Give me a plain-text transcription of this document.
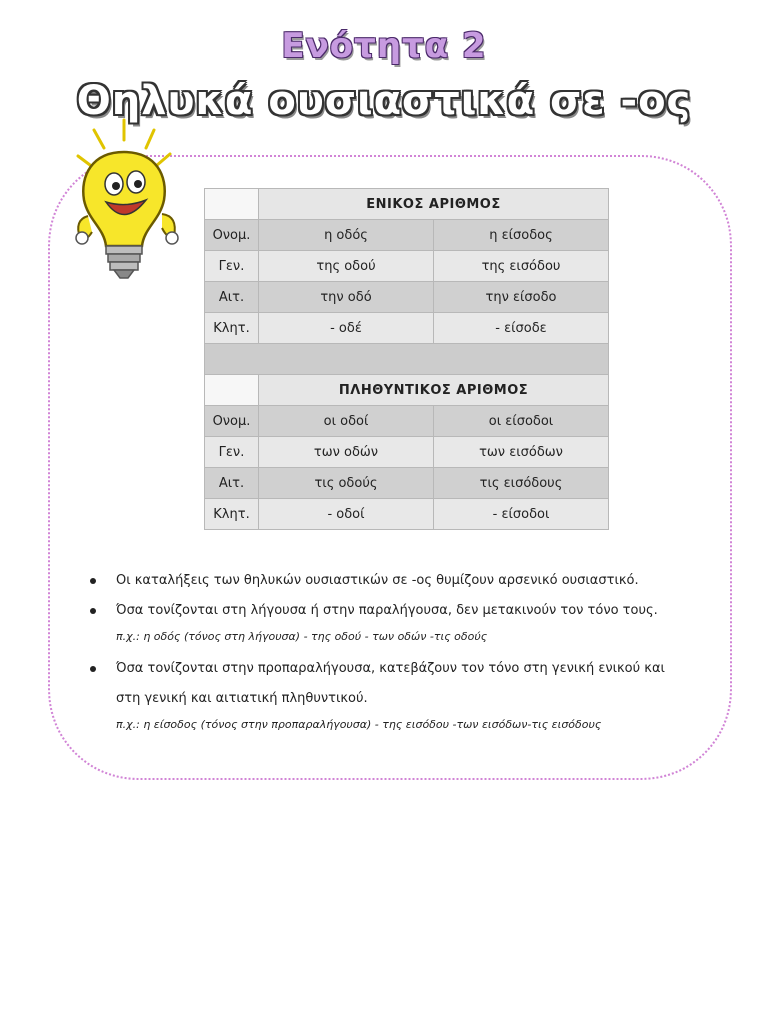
Ενότητα 2
Θηλυκά ουσιαστικά σε -ος
	ΕΝΙΚΟΣ ΑΡΙΘΜΟΣ	
Ονομ.	η οδός	η είσοδος
Γεν.	της οδού	της εισόδου
Αιτ.	την οδό	την είσοδο
Κλητ.	- οδέ	- είσοδε

	ΠΛΗΘΥΝΤΙΚΟΣ ΑΡΙΘΜΟΣ	
Ονομ.	οι οδοί	οι είσοδοι
Γεν.	των οδών	των εισόδων
Αιτ.	τις οδούς	τις εισόδους
Κλητ.	- οδοί	- είσοδοι
Οι καταλήξεις των θηλυκών ουσιαστικών σε -ος θυμίζουν αρσενικό ουσιαστικό.
Όσα τονίζονται στη λήγουσα ή στην παραλήγουσα, δεν μετακινούν τον τόνο τους.
π.χ.: η οδός (τόνος στη λήγουσα) - της οδού - των οδών -τις οδούς
Όσα τονίζονται στην προπαραλήγουσα, κατεβάζουν τον τόνο στη γενική ενικού και
στη γενική και αιτιατική πληθυντικού.
π.χ.: η είσοδος (τόνος στην προπαραλήγουσα) - της εισόδου -των εισόδων-τις εισόδους
